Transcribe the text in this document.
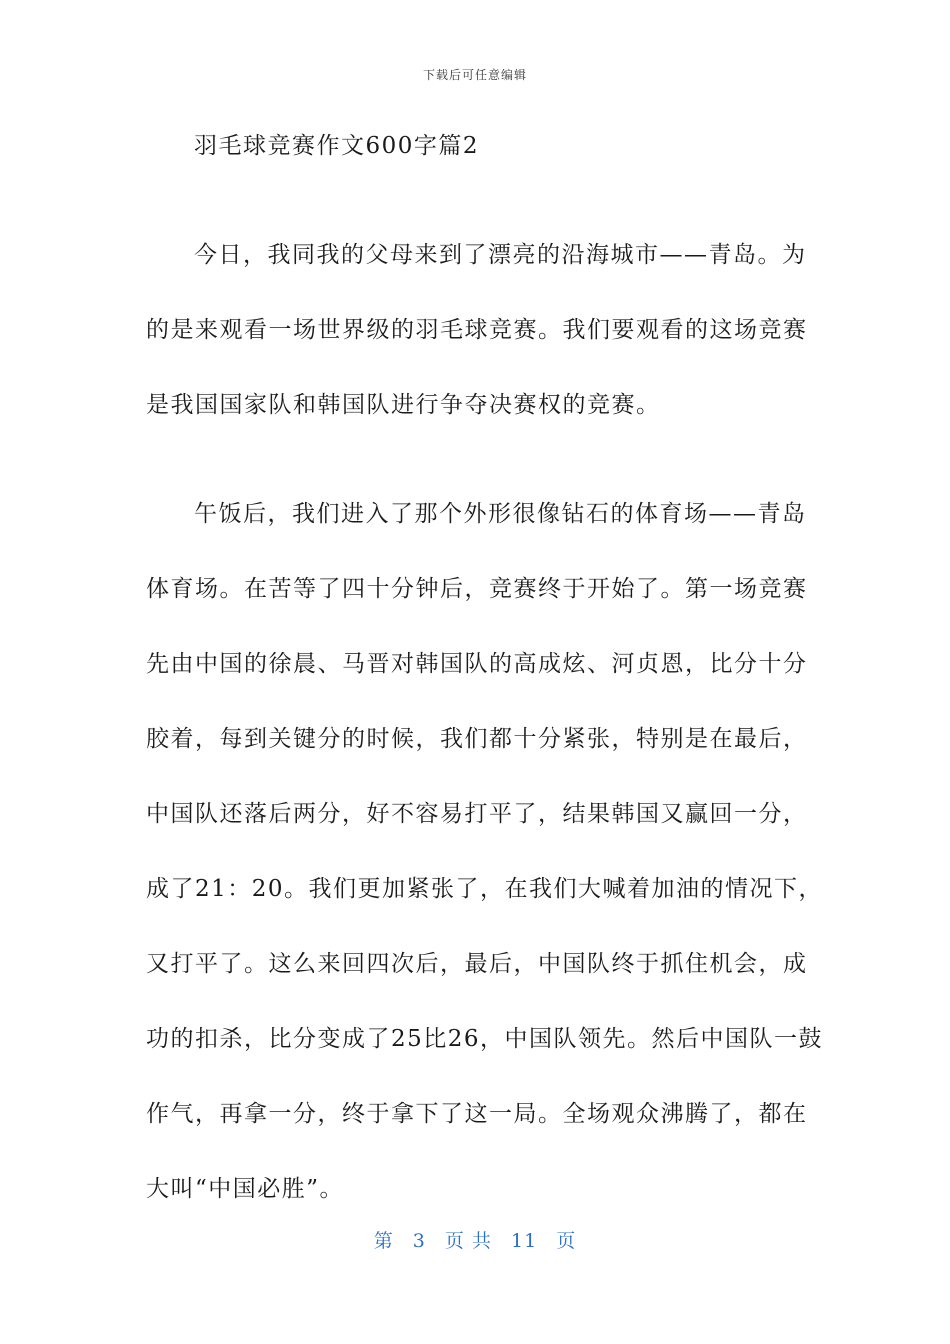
下载后可任意编辑
羽毛球竞赛作文600字篇2
今日，我同我的父母来到了漂亮的沿海城市——青岛。为
的是来观看一场世界级的羽毛球竞赛。我们要观看的这场竞赛
是我国国家队和韩国队进行争夺决赛权的竞赛。
午饭后，我们进入了那个外形很像钻石的体育场——青岛
体育场。在苦等了四十分钟后，竞赛终于开始了。第一场竞赛
先由中国的徐晨、马晋对韩国队的高成炫、河贞恩，比分十分
胶着，每到关键分的时候，我们都十分紧张，特别是在最后，
中国队还落后两分，好不容易打平了，结果韩国又赢回一分，
成了21：20。我们更加紧张了，在我们大喊着加油的情况下，
又打平了。这么来回四次后，最后，中国队终于抓住机会，成
功的扣杀，比分变成了25比26，中国队领先。然后中国队一鼓
作气，再拿一分，终于拿下了这一局。全场观众沸腾了，都在
大叫“中国必胜”。
第 3 页 共 11 页
